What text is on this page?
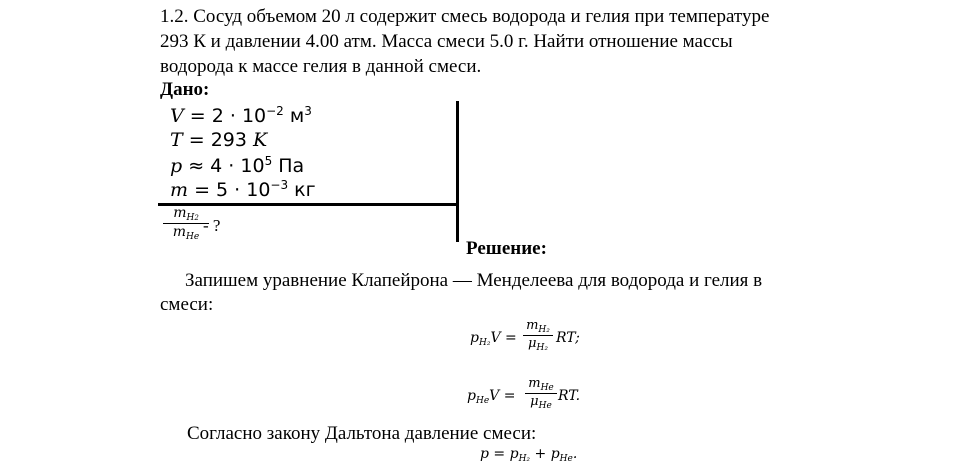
1.2. Сосуд объемом 20 л содержит смесь водорода и гелия при температуре
293 К и давлении 4.00 атм. Масса смеси 5.0 г. Найти отношение массы
водорода к массе гелия в данной смеси.
Дано:
$V = 2 \cdot 10^{-2}$ $м^3$
T = 293 K
$p \approx 4 \cdot 10^5$ Па
$m = 5 \cdot 10^{-3}$ кг
$m_{H2}$
$m_{He}$
- ?
Решение:
Запишем уравнение Клапейрона — Менделеева для водорода и гелия в
смеси:
$p_{H_2}V$ =
$m_{H_2}$
$\mu_{H_2}$
RT;
$p_{He}V$ =
$m_{He}$
$\mu_{He}$
RT.
Согласно закону Дальтона давление смеси:
$p = p_{H_2} + p_{He}$.
